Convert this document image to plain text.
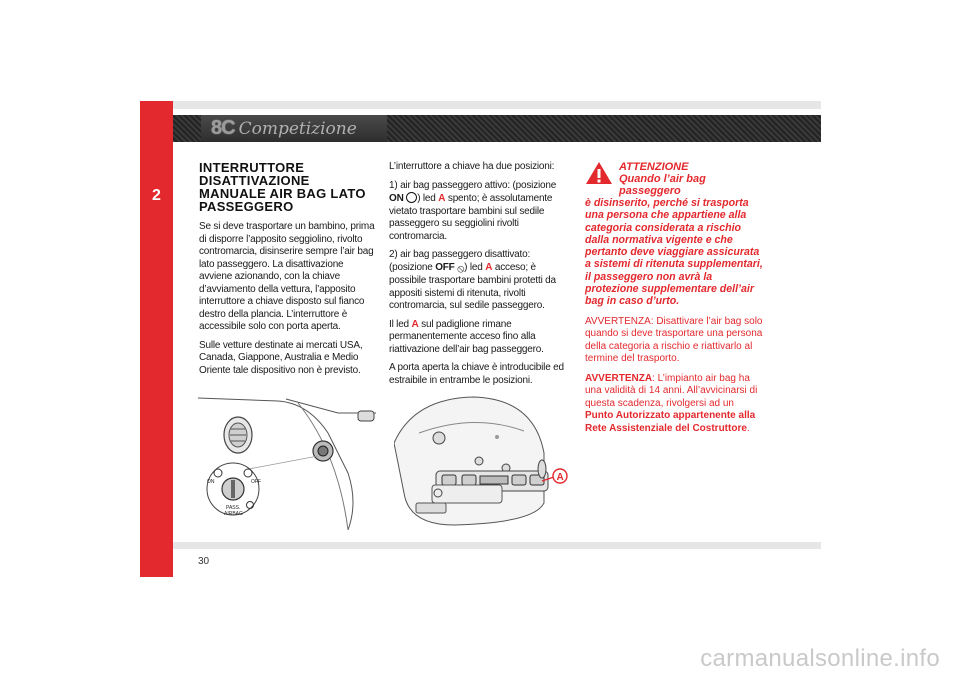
2
8C Competizione
INTERRUTTORE DISATTIVAZIONE MANUALE AIR BAG LATO PASSEGGERO

Se si deve trasportare un bambino, prima di disporre l’apposito seggiolino, rivolto contromarcia, disinserire sempre l’air bag lato passeggero. La disattivazione avviene azionando, con la chiave d’avviamento della vettura, l’apposito interruttore a chiave disposto sul fianco destro della plancia. L’interruttore è accessibile solo con porta aperta.

Sulle vetture destinate ai mercati USA, Canada, Giappone, Australia e Medio Oriente tale dispositivo non è previsto.

L’interruttore a chiave ha due posizioni:

1) air bag passeggero attivo: (posizione ON ) led A spento; è assolutamente vietato trasportare bambini sul sedile passeggero su seggiolini rivolti contromarcia.

2) air bag passeggero disattivato: (posizione OFF ⦸) led A acceso; è possibile trasportare bambini protetti da appositi sistemi di ritenuta, rivolti contromarcia, sul sedile passeggero.

Il led A sul padiglione rimane permanentemente acceso fino alla riattivazione dell’air bag passeggero.

A porta aperta la chiave è introducibile ed estraibile in entrambe le posizioni.

ATTENZIONE
Quando l’air bag passeggero

è disinserito, perché si trasporta una persona che appartiene alla categoria considerata a rischio dalla normativa vigente e che pertanto deve viaggiare assicurata a sistemi di ritenuta supplementari, il passeggero non avrà la protezione supplementare dell’air bag in caso d’urto.

AVVERTENZA: Disattivare l’air bag solo quando si deve trasportare una persona della categoria a rischio e riattivarlo al termine del trasporto.

AVVERTENZA: L’impianto air bag ha una validità di 14 anni. All’avvicinarsi di questa scadenza, rivolgersi ad un Punto Autorizzato appartenente alla Rete Assistenziale del Costruttore.

ON	OFF
PASS.
AIRBAG
A
30
carmanualsonline.info
